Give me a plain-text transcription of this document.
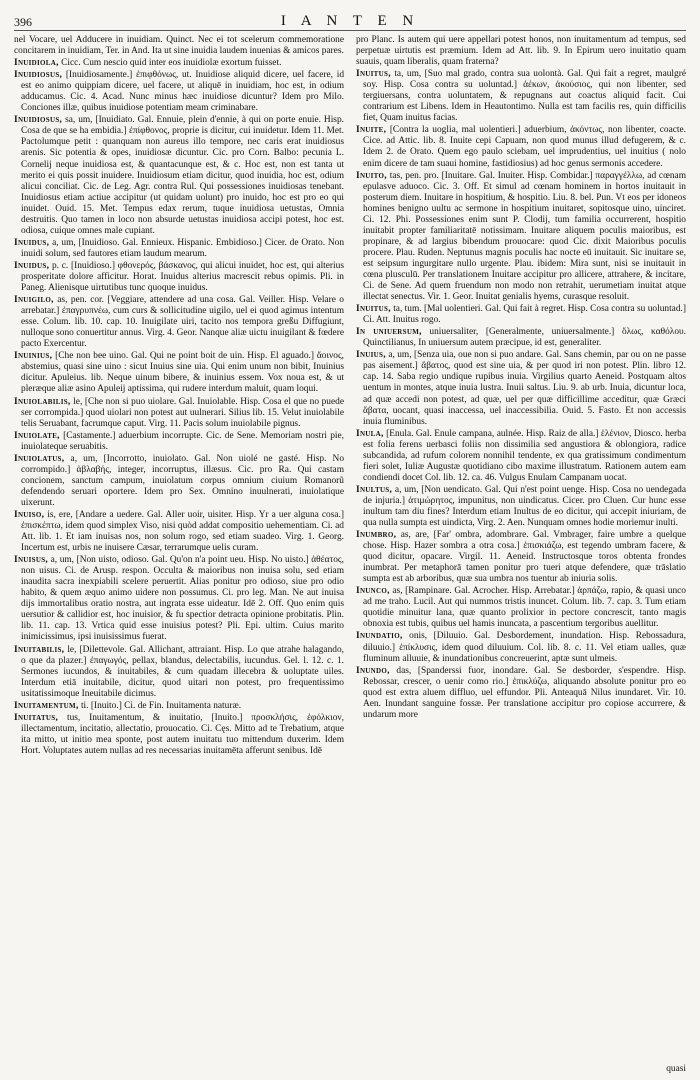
396	I A N T E N

nel Vocare, uel Adducere in inuidiam. Quinct. Nec ei tot scelerum commemoratione concitarem in inuidiam, Ter. in And. Ita ut sine inuidia laudem inuenias & amicos pares.

Inuidiola, Cicc. Cum nescio quid inter eos inuidiolæ exortum fuisset.

Inuidiosus, [Inuidiosamente.] ἐπιφθόνως, ut. Inuidiose aliquid dicere, uel facere, id est eo animo quippiam dicere, uel facere, ut aliquē in inuidiam, hoc est, in odium adducamus. Cic. 4. Acad. Nunc minus hæc inuidiose dicuntur? Idem pro Milo. Conciones illæ, quibus inuidiose potentiam meam criminabare.

Inuidiosus, sa, um, [Inuidiato. Gal. Ennuie, plein d'ennie, à qui on porte enuie. Hisp. Cosa de que se ha embidia.] ἐπίφθονος, proprie is dicitur, cui inuidetur. Idem 11. Met. Pactolumque petit : quanquam non aureus illo tempore, nec caris erat inuidiosus arenis. Sic potentia & opes, inuidiosæ dicuntur. Cic. pro Corn. Balbo: pecunia L. Cornelij neque inuidiosa est, & quantacunque est, & c. Hoc est, non est tanta ut merito ei quis possit inuidere. Inuidiosum etiam dicitur, quod inuidia, hoc est, odium alicui conciliat. Cic. de Leg. Agr. contra Rul. Qui possessiones inuidiosas tenebant. Inuidiosus etiam actiue accipitur (ut quidam uolunt) pro inuido, hoc est pro eo qui inuidet. Ouid. 15. Met. Tempus edax rerum, tuque inuidiosa uetustas, Omnia destruitis. Quo tamen in loco non absurde uetustas inuidiosa accipi potest, hoc est. odiosa, cuique omnes male cupiant.

Inuidus, a, um, [Inuidioso. Gal. Ennieux. Hispanic. Embidioso.] Cicer. de Orato. Non inuidi solum, sed fautores etiam laudum mearum.

Inuidus, p. c. [Inuidioso.] φθονερός, βάσκανος, qui alicui inuidet, hoc est, qui alterius prosperitate dolore afficitur. Horat. Inuidus alterius macrescit rebus opimis. Pli. in Paneg. Alienisque uirtutibus tunc quoque inuidus.

Inuigilo, as, pen. cor. [Veggiare, attendere ad una cosa. Gal. Veiller. Hisp. Velare o arrebatar.] ἐπαγρυπνέω, cum curs & sollicitudine uigilo, uel ei quod agimus intentum esse. Colum. lib. 10. cap. 10. Inuigilate uiri, tacito nos tempora greßu Diffugiunt, nulloque sono conuertitur annus. Virg. 4. Geor. Nanque aliæ uictu inuigilant & fœdere pacto Exercentur.

Inuinius, [Che non bee uino. Gal. Qui ne point boit de uin. Hisp. El aguado.] ἄοινος, abstemius, quasi sine uino : sicut Inuius sine uia. Qui enim unum non bibit, Inuinius dicitur. Apuleius. lib. Neque uinum bibere, & inuinius essem. Vox noua est, & ut pleræque aliæ asino Apuleij aptissima, qui rudere interdum maluit, quam loqui.

Inuiolabilis, le, [Che non si puo uiolare. Gal. Inuiolable. Hisp. Cosa el que no puede ser corrompida.] quod uiolari non potest aut uulnerari. Silius lib. 15. Velut inuiolabile telis Seruabant, facrumque caput. Virg. 11. Pacis solum inuiolabile pignus.

Inuiolate, [Castamente.] aduerbium incorrupte. Cic. de Sene. Memoriam nostri pie, inuiolateque seruabitis.

Inuiolatus, a, um, [Incorrotto, inuiolato. Gal. Non uiolé ne gasté. Hisp. No corrompido.] ἀβλαβής, integer, incorruptus, illæsus. Cic. pro Ra. Qui castam concionem, sanctum campum, inuiolatum corpus omnium ciuium Romanorũ defendendo seruari oportere. Idem pro Sex. Omnino inuulnerati, inuiolatique uixerunt.

Inuiso, is, ere, [Andare a uedere. Gal. Aller uoir, uisiter. Hisp. Yr a uer alguna cosa.] ἐπισκέπτω, idem quod simplex Viso, nisi quòd addat compositio uehementiam. Ci. ad Att. lib. 1. Et iam inuisas nos, non solum rogo, sed etiam suadeo. Virg. 1. Georg. Incertum est, urbis ne inuisere Cæsar, terrarumque uelis curam.

Inuisus, a, um, [Non uisto, odioso. Gal. Qu'on n'a point ueu. Hisp. No uisto.] ἀθέατος, non uisus. Ci. de Arusp. respon. Occulta & maioribus non inuisa solu, sed etiam inaudita sacra inexpiabili scelere peruertit. Alias ponitur pro odioso, siue pro odio habito, & quem æquo animo uidere non possumus. Ci. pro leg. Man. Ne aut inuisa dijs immortalibus oratio nostra, aut ingrata esse uideatur. Idē 2. Off. Quo enim quis uersutior & callidior est, hoc inuisior, & fu spectior detracta opinione probitatis. Plin. lib. 11. cap. 13. Vrtica quid esse inuisius potest? Pli. Epi. ultim. Cuius marito inimicissimus, ipsi inuisissimus fuerat.

Inuitabilis, le, [Dilettevole. Gal. Allichant, attraiant. Hisp. Lo que atrahe halagando, o que da plazer.] ἐπαγωγός, pellax, blandus, delectabilis, iucundus. Gel. l. 12. c. 1. Sermones iucundos, & inuitabiles, & cum quadam illecebra & uoluptate uiles. Interdum etiā inuitabile, dicitur, quod uitari non potest, pro frequentissimo usitatissimoque Ineuitabile dicimus.

Inuitamentum, ti. [Inuito.] Ci. de Fin. Inuitamenta naturæ.

Inuitatus, tus, Inuitamentum, & inuitatio, [Inuito.] προσκλήσις, ἐφόλκιον, illectamentum, incitatio, allectatio, prouocatio. Ci. Cęs. Mitto ad te Trebatium, atque ita mitto, ut initio mea sponte, post autem inuitatu tuo mittendum duxerim. Idem Hort. Voluptates autem nullas ad res necessarias inuitamēta afferunt senibus. Idē

pro Planc. Is autem qui uere appellari potest honos, non inuitamentum ad tempus, sed perpetuæ uirtutis est præmium. Idem ad Att. lib. 9. In Epirum uero inuitatio quam suauis, quam liberalis, quam fraterna?

Inuitus, ta, um, [Suo mal grado, contra sua uolontà. Gal. Qui fait a regret, maulgré soy. Hisp. Cosa contra su uoluntad.] ἀέκων, ἀκούσιος, qui non libenter, sed tergiuersans, contra uoluntatem, & repugnans aut coactus aliquid facit. Cui contrarium est Libens. Idem in Heautontimo. Nulla est tam facilis res, quin difficilis fiet, Quam inuitus facias.

Inuite, [Contra la uoglia, mal uolentieri.] aduerbium, ἀκόντως, non libenter, coacte. Cice. ad Attic. lib. 8. Inuite cepi Capuam, non quod munus illud defugerem, & c. Idem 2. de Orato. Quem ego paulo sciebam, uel imprudentius, uel inuitius ( nolo enim dicere de tam suaui homine, fastidiosius) ad hoc genus sermonis accedere.

Inuito, tas, pen. pro. [Inuitare. Gal. Inuiter. Hisp. Combidar.] παραγγέλλω, ad cœnam epulasve aduoco. Cic. 3. Off. Et simul ad cœnam hominem in hortos inuitauit in posterum diem. Inuitare in hospitium, & hospitio. Liu. 8. bel. Pun. Vt eos per idoneos homines benigno uultu ac sermone in hospitium inuitaret, sopitosque uino, uinciret. Ci. 12. Phi. Possessiones enim sunt P. Clodij, tum familia occurrerent, hospitio inuitabit propter familiaritatē notissimam. Inuitare aliquem poculis maioribus, est propinare, & ad largius bibendum prouocare: quod Cic. dixit Maioribus poculis procere. Plau. Ruden. Neptunus magnis poculis hac nocte eū inuitauit. Sic inuitare se, est seipsum ingurgitare nullo urgente. Plau. ibidem: Mira sunt, nisi se inuitauit in cœna plusculū. Per translationem Inuitare accipitur pro allicere, attrahere, & incitare, Ci. de Sene. Ad quem fruendum non modo non retrahit, uerumetiam inuitat atque illectat senectus. Vir. 1. Geor. Inuitat genialis hyems, curasque resoluit.

Inuitus, ta, tum. [Mal uolentieri. Gal. Qui fait à regret. Hisp. Cosa contra su uoluntad.] Ci. Att. Inuitus rogo.

In uniuersum, uniuersaliter, [Generalmente, uniuersalmente.] ὅλως, καθόλου. Quinctilianus, In uniuersum autem præcipue, id est, generaliter.

Inuius, a, um, [Senza uia, oue non si puo andare. Gal. Sans chemin, par ou on ne passe pas aisement.] ἄβατος, quod est sine uia, & per quod iri non potest. Plin. libro 12. cap. 14. Saba regio undique rupibus inuia. Virgilius quarto Aeneid. Postquam altos uentum in montes, atque inuia lustra. Inuii saltus. Liu. 9. ab urb. Inuia, dicuntur loca, ad quæ accedi non potest, ad quæ, uel per quæ difficillime acceditur, quæ Græci ἄβατα, uocant, quasi inaccessa, uel inaccessibilia. Ouid. 5. Fasto. Et non accessis inuia fluminibus.

Inula, [Enula. Gal. Enule campana, aulnée. Hisp. Raiz de alla.] ἑλένιον, Diosco. herba est folia ferens uerbasci foliis non dissimilia sed angustiora & oblongiora, radice subcandida, ad rufum colorem nonnihil tendente, ex qua gratissimum condimentum fieri solet, Iuliæ Augustæ quotidiano cibo maxime illustratum. Rationem autem eam condiendi docet Col. lib. 12. ca. 46. Vulgus Enulam Campanam uocat.

Inultus, a, um, [Non uendicato. Gal. Qui n'est point uenge. Hisp. Cosa no uendegada de injuria.] ἀτιμώρητος, impunitus, non uindicatus. Cicer. pro Cluen. Cur hunc esse inultum tam diu fines? Interdum etiam Inultus de eo dicitur, qui accepit iniuriam, de qua nulla sumpta est uindicta, Virg. 2. Aen. Nunquam omnes hodie moriemur inulti.

Inumbro, as, are, [Far' ombra, adombrare. Gal. Vmbrager, faire umbre a quelque chose. Hisp. Hazer sombra a otra cosa.] ἐπισκιάζω, est tegendo umbram facere, & quod dicitur, opacare. Virgil. 11. Aeneid. Instructosque toros obtenta frondes inumbrat. Per metaphorā tamen ponitur pro tueri atque defendere, quæ trāslatio sumpta est ab arboribus, quæ sua umbra nos tuentur ab iniuria solis.

Inunco, as, [Rampinare. Gal. Acrocher. Hisp. Arrebatar.] ἁρπάζω, rapio, & quasi unco ad me traho. Lucil. Aut qui nummos tristis inuncet. Colum. lib. 7. cap. 3. Tum etiam quotidie minuitur lana, quæ quanto prolixior in pectore concrescit, tanto magis obnoxia est tubis, quibus uel hamis inuncata, a pascentium tergoribus auellitur.

Inundatio, onis, [Diluuio. Gal. Desbordement, inundation. Hisp. Rebossadura, diluuio.] ἐπίκλυσις, idem quod diluuium. Col. lib. 8. c. 11. Vel etiam ualles, quæ fluminum alluuie, & inundationibus concreuerint, aptæ sunt ulmeis.

Inundo, das, [Spanderssi fuor, inondare. Gal. Se desborder, s'espendre. Hisp. Rebossar, crescer, o uenir como rio.] ἐπικλύζω, aliquando absolute ponitur pro eo quod est extra aluem diffluo, uel effundor. Pli. Anteaquā Nilus inundaret. Vir. 10. Aen. Inundant sanguine fossæ. Per translatione accipitur pro copiose accurrere, & undarum more

quasi
